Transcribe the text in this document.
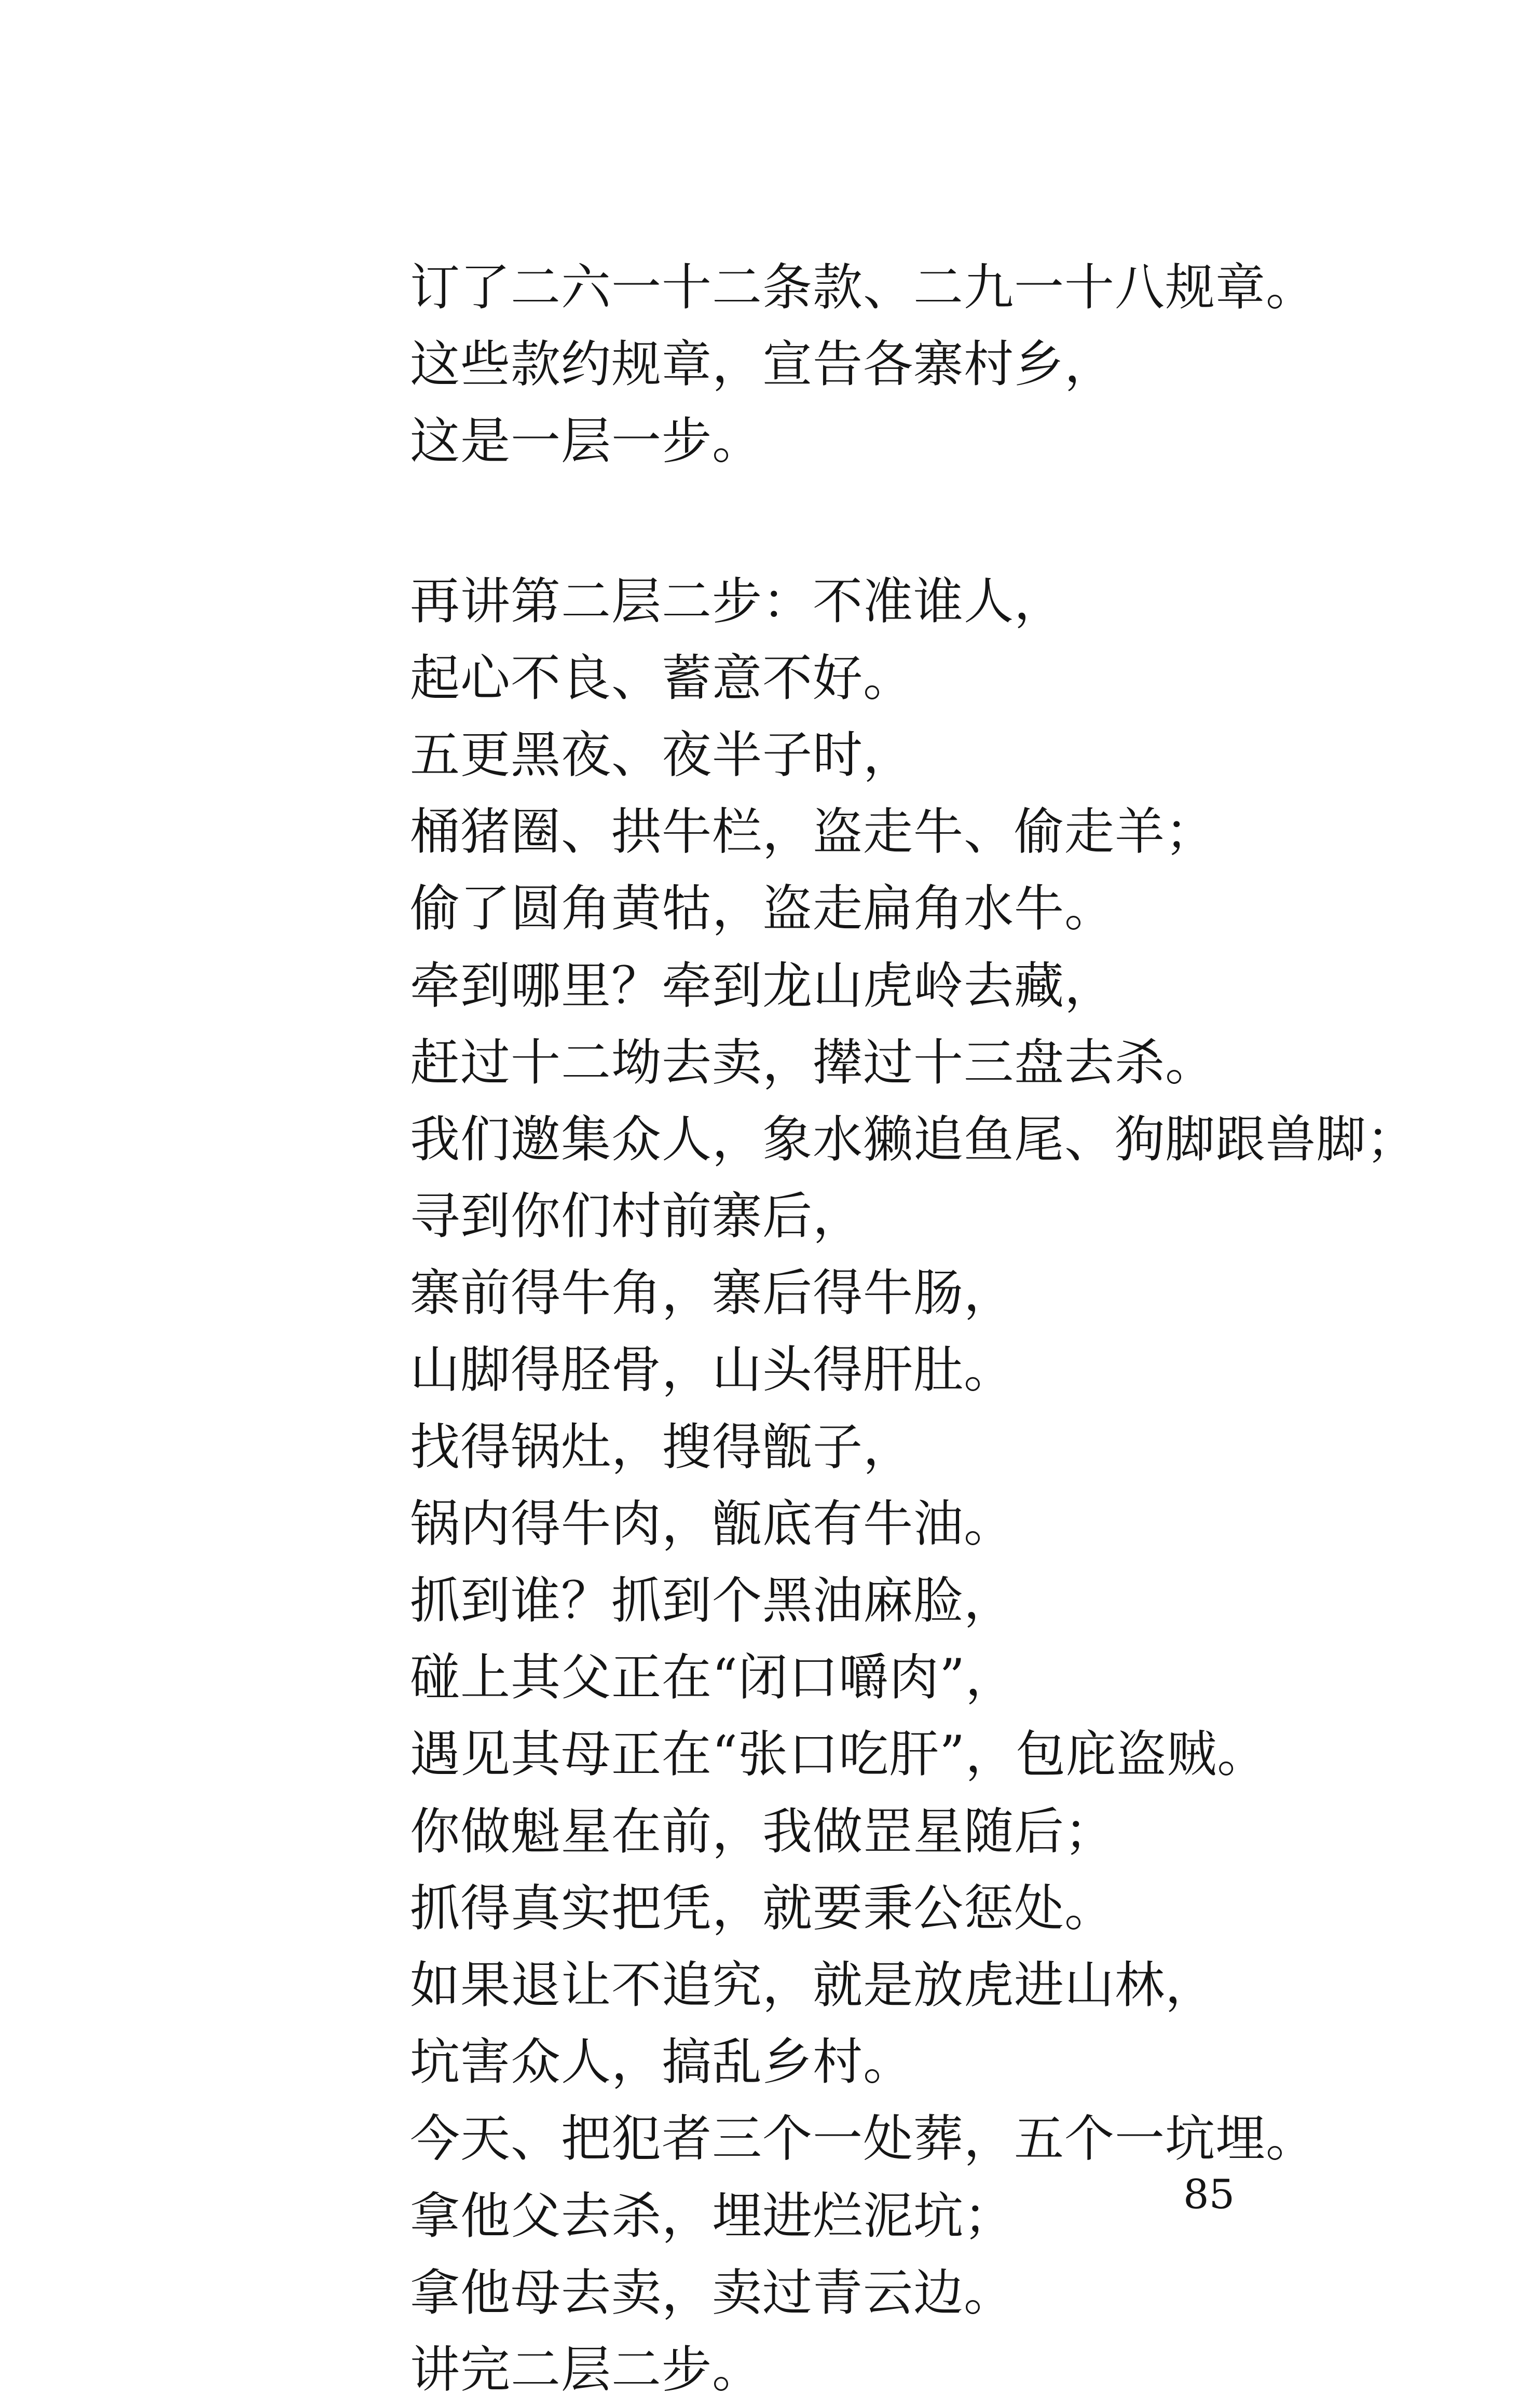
订了二六一十二条款、二九一十八规章。
这些款约规章，宣告各寨村乡，
这是一层一步。
再讲第二层二步：不准谁人，
起心不良、蓄意不好。
五更黑夜、夜半子时，
桶猪圈、拱牛栏，盗走牛、偷走羊；
偷了圆角黄牯，盗走扁角水牛。
牵到哪里？牵到龙山虎岭去藏，
赶过十二坳去卖，撵过十三盘去杀。
我们邀集众人，象水獭追鱼尾、狗脚跟兽脚；
寻到你们村前寨后，
寨前得牛角，寨后得牛肠，
山脚得胫骨，山头得肝肚。
找得锅灶，搜得甑子，
锅内得牛肉，甑底有牛油。
抓到谁？抓到个黑油麻脸，
碰上其父正在“闭口嚼肉”，
遇见其母正在“张口吃肝”，包庇盗贼。
你做魁星在前，我做罡星随后；
抓得真实把凭，就要秉公惩处。
如果退让不追究，就是放虎进山林，
坑害众人，搞乱乡村。
今天、把犯者三个一处葬，五个一坑埋。
拿他父去杀，埋进烂泥坑；
拿他母去卖，卖过青云边。
讲完二层二步。
85
